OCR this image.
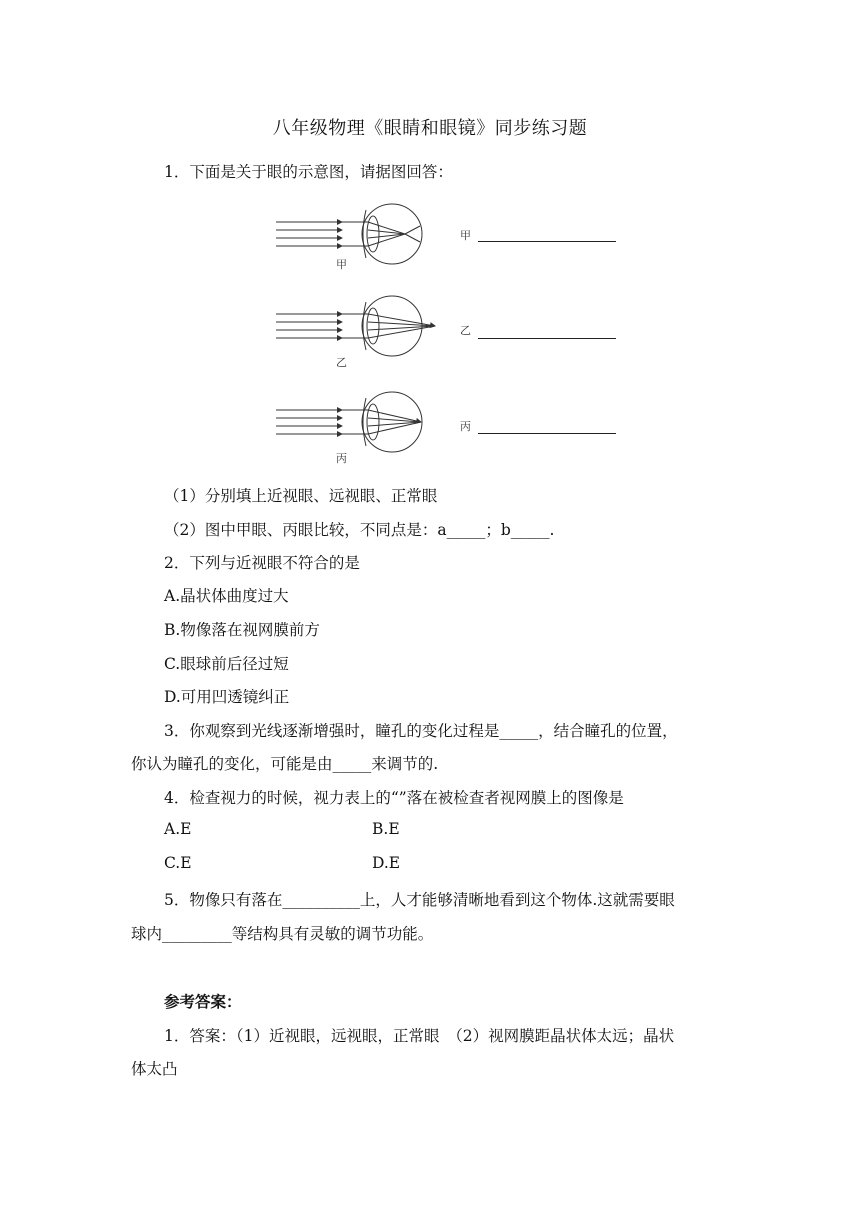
八年级物理《眼睛和眼镜》同步练习题
1．下面是关于眼的示意图，请据图回答：
甲
乙
丙
甲
乙
丙
（1）分别填上近视眼、远视眼、正常眼
（2）图中甲眼、丙眼比较，不同点是：a_____；b_____.
2．下列与近视眼不符合的是
A.晶状体曲度过大
B.物像落在视网膜前方
C.眼球前后径过短
D.可用凹透镜纠正
3．你观察到光线逐渐增强时，瞳孔的变化过程是_____，结合瞳孔的位置，
你认为瞳孔的变化，可能是由_____来调节的.
4．检查视力的时候，视力表上的“”落在被检查者视网膜上的图像是
A.E	B.E
C.E	D.E
5．物像只有落在__________上，人才能够清晰地看到这个物体.这就需要眼
球内_________等结构具有灵敏的调节功能。
参考答案：
1．答案：（1）近视眼，远视眼，正常眼　（2）视网膜距晶状体太远；晶状
体太凸
